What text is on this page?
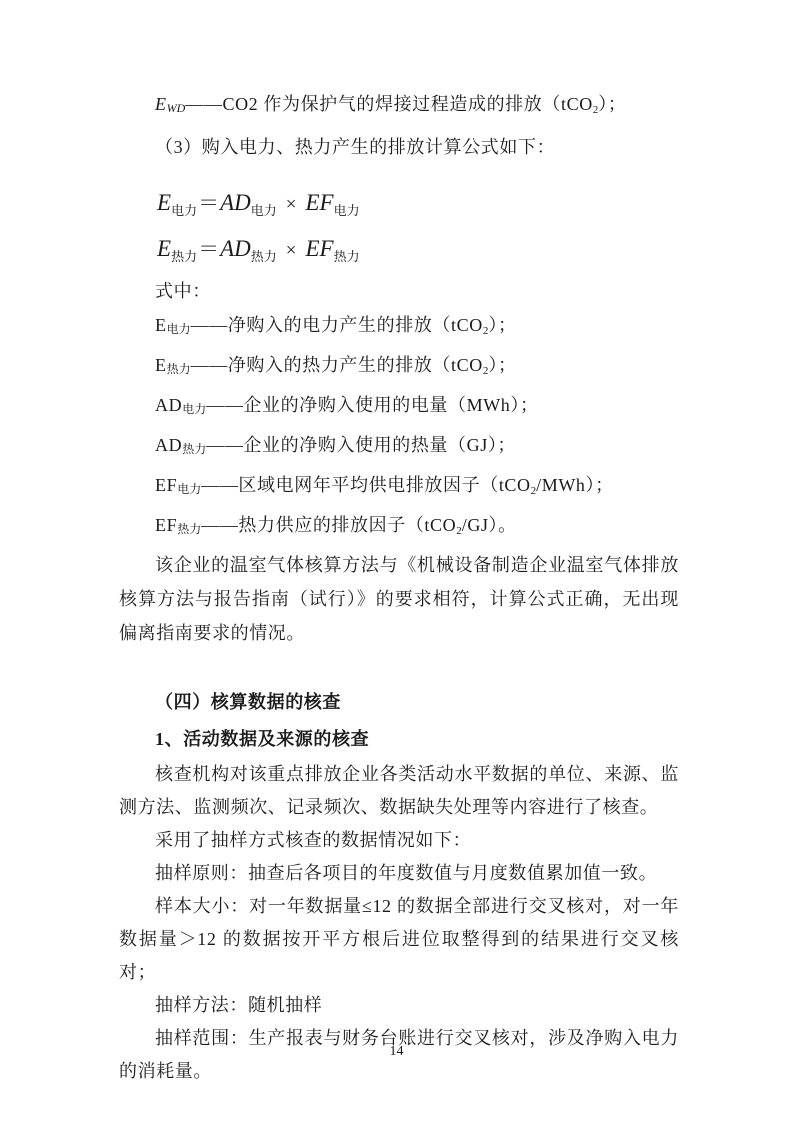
EWD——CO2 作为保护气的焊接过程造成的排放（tCO2）；

（3）购入电力、热力产生的排放计算公式如下：

$E_{电力}=AD_{电力} \times EF_{电力}$
$E_{热力}=AD_{热力} \times EF_{热力}$

式中：

E电力——净购入的电力产生的排放（tCO2）；
E热力——净购入的热力产生的排放（tCO2）；
AD电力——企业的净购入使用的电量（MWh）；
AD热力——企业的净购入使用的热量（GJ）；
EF电力——区域电网年平均供电排放因子（tCO2/MWh）；
EF热力——热力供应的排放因子（tCO2/GJ）。

该企业的温室气体核算方法与《机械设备制造企业温室气体排放核算方法与报告指南（试行）》的要求相符，计算公式正确，无出现偏离指南要求的情况。

（四）核算数据的核查

1、活动数据及来源的核查

核查机构对该重点排放企业各类活动水平数据的单位、来源、监测方法、监测频次、记录频次、数据缺失处理等内容进行了核查。

采用了抽样方式核查的数据情况如下：

抽样原则：抽查后各项目的年度数值与月度数值累加值一致。

样本大小：对一年数据量≤12 的数据全部进行交叉核对，对一年数据量＞12 的数据按开平方根后进位取整得到的结果进行交叉核对；

抽样方法：随机抽样

抽样范围：生产报表与财务台账进行交叉核对，涉及净购入电力的消耗量。

14
